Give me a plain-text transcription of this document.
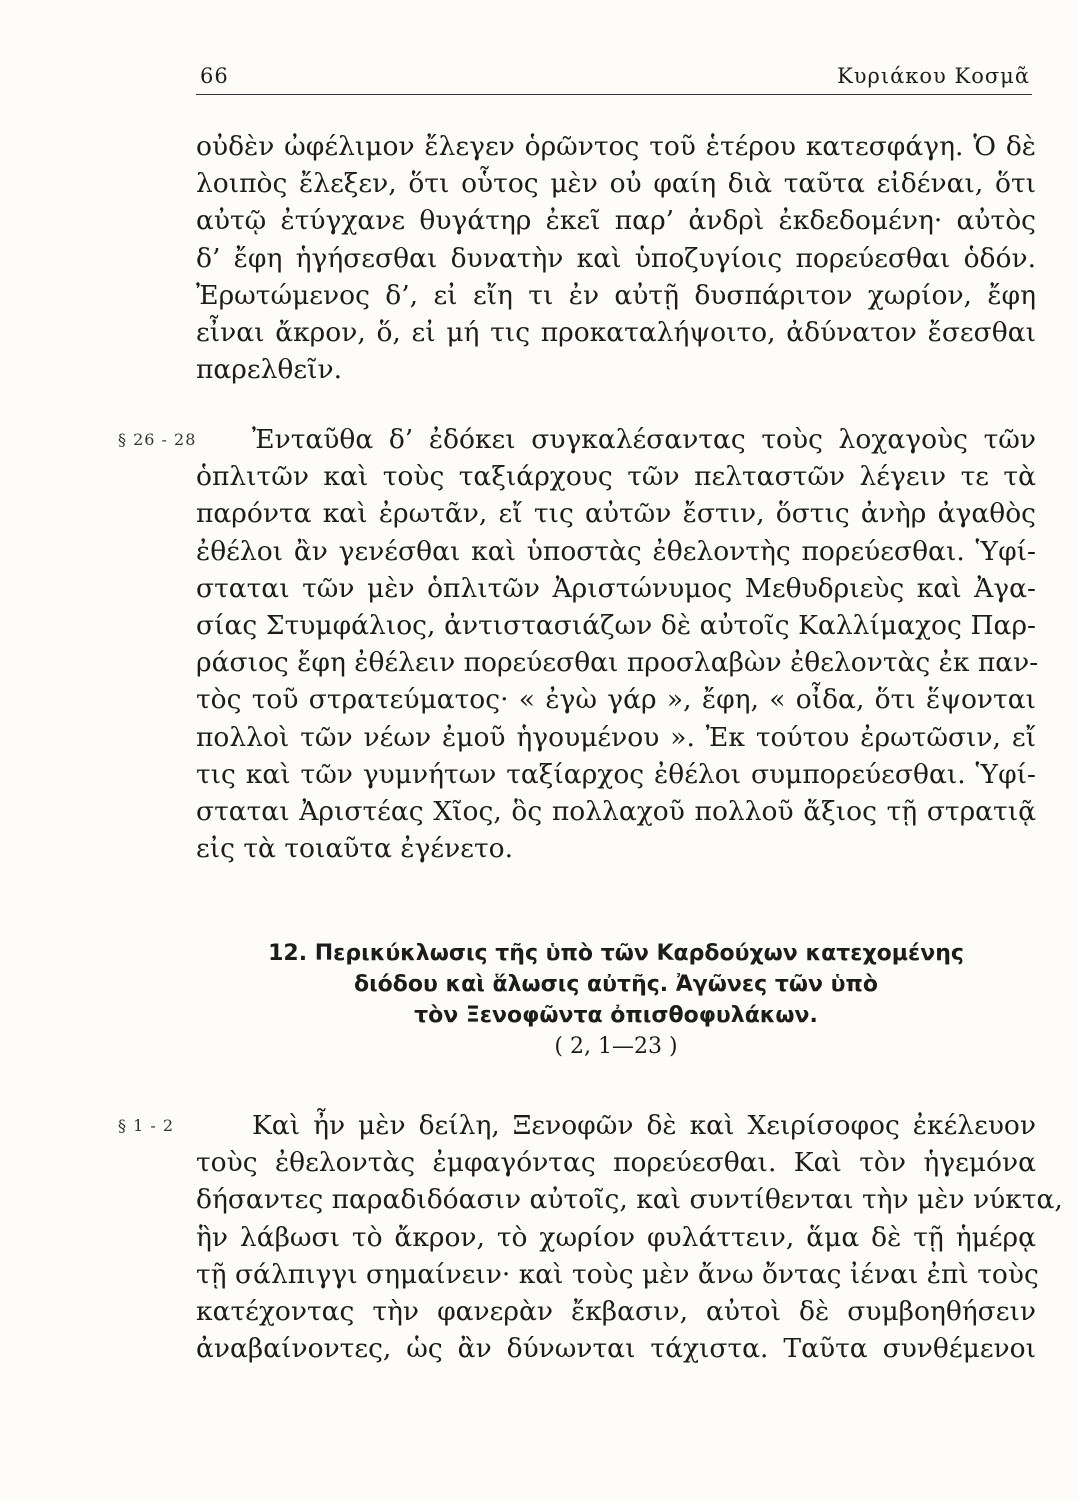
66	Κυριάκου Κοσμᾶ
οὐδὲν ὠφέλιμον ἔλεγεν ὁρῶντος τοῦ ἑτέρου κατεσφάγη. Ὁ δὲ
λοιπὸς ἔλεξεν, ὅτι οὗτος μὲν οὐ φαίη διὰ ταῦτα εἰδέναι, ὅτι
αὐτῷ ἐτύγχανε θυγάτηρ ἐκεῖ παρ’ ἀνδρὶ ἐκδεδομένη· αὐτὸς
δ’ ἔφη ἡγήσεσθαι δυνατὴν καὶ ὑποζυγίοις πορεύεσθαι ὁδόν.
Ἐρωτώμενος δ’, εἰ εἴη τι ἐν αὐτῇ δυσπάριτον χωρίον, ἔφη
εἶναι ἄκρον, ὅ, εἰ μή τις προκαταλήψοιτο, ἀδύνατον ἔσεσθαι
παρελθεῖν.
§ 26 - 28	Ἐνταῦθα δ’ ἐδόκει συγκαλέσαντας τοὺς λοχαγοὺς τῶν
ὁπλιτῶν καὶ τοὺς ταξιάρχους τῶν πελταστῶν λέγειν τε τὰ
παρόντα καὶ ἐρωτᾶν, εἴ τις αὐτῶν ἔστιν, ὅστις ἀνὴρ ἀγαθὸς
ἐθέλοι ἂν γενέσθαι καὶ ὑποστὰς ἐθελοντὴς πορεύεσθαι. Ὑφί-
σταται τῶν μὲν ὁπλιτῶν Ἀριστώνυμος Μεθυδριεὺς καὶ Ἀγα-
σίας Στυμφάλιος, ἀντιστασιάζων δὲ αὐτοῖς Καλλίμαχος Παρ-
ράσιος ἔφη ἐθέλειν πορεύεσθαι προσλαβὼν ἐθελοντὰς ἐκ παν-
τὸς τοῦ στρατεύματος· « ἐγὼ γάρ », ἔφη, « οἶδα, ὅτι ἕψονται
πολλοὶ τῶν νέων ἐμοῦ ἡγουμένου ». Ἐκ τούτου ἐρωτῶσιν, εἴ
τις καὶ τῶν γυμνήτων ταξίαρχος ἐθέλοι συμπορεύεσθαι. Ὑφί-
σταται Ἀριστέας Χῖος, ὃς πολλαχοῦ πολλοῦ ἄξιος τῇ στρατιᾷ
εἰς τὰ τοιαῦτα ἐγένετο.
12. Περικύκλωσις τῆς ὑπὸ τῶν Καρδούχων κατεχομένης
διόδου καὶ ἅλωσις αὐτῆς. Ἀγῶνες τῶν ὑπὸ
τὸν Ξενοφῶντα ὀπισθοφυλάκων.
( 2, 1—23 )
§ 1 - 2	Καὶ ἦν μὲν δείλη, Ξενοφῶν δὲ καὶ Χειρίσοφος ἐκέλευον
τοὺς ἐθελοντὰς ἐμφαγόντας πορεύεσθαι. Καὶ τὸν ἡγεμόνα
δήσαντες παραδιδόασιν αὐτοῖς, καὶ συντίθενται τὴν μὲν νύκτα,
ἣν λάβωσι τὸ ἄκρον, τὸ χωρίον φυλάττειν, ἅμα δὲ τῇ ἡμέρᾳ
τῇ σάλπιγγι σημαίνειν· καὶ τοὺς μὲν ἄνω ὄντας ἰέναι ἐπὶ τοὺς
κατέχοντας τὴν φανερὰν ἔκβασιν, αὐτοὶ δὲ συμβοηθήσειν
ἀναβαίνοντες, ὡς ἂν δύνωνται τάχιστα. Ταῦτα συνθέμενοι
